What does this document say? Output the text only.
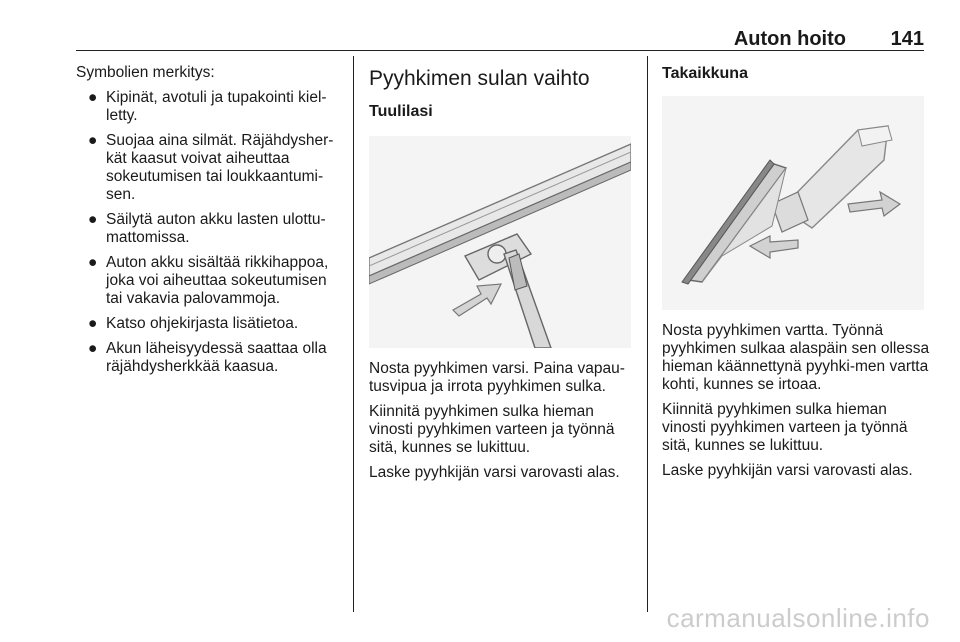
Auton hoito 141

Symbolien merkitys:

● Kipinät, avotuli ja tupakointi kiel-letty.
● Suojaa aina silmät. Räjähdysher-kät kaasut voivat aiheuttaa sokeutumisen tai loukkaantumi-sen.
● Säilytä auton akku lasten ulottu-mattomissa.
● Auton akku sisältää rikkihappoa, joka voi aiheuttaa sokeutumisen tai vakavia palovammoja.
● Katso ohjekirjasta lisätietoa.
● Akun läheisyydessä saattaa olla räjähdysherkkää kaasua.
Pyyhkimen sulan vaihto
Tuulilasi

Nosta pyyhkimen varsi. Paina vapau-tusvipua ja irrota pyyhkimen sulka.

Kiinnitä pyyhkimen sulka hieman vinosti pyyhkimen varteen ja työnnä sitä, kunnes se lukittuu.

Laske pyyhkijän varsi varovasti alas.

Takaikkuna

Nosta pyyhkimen vartta. Työnnä pyyhkimen sulkaa alaspäin sen ollessa hieman käännettynä pyyhki-men vartta kohti, kunnes se irtoaa.

Kiinnitä pyyhkimen sulka hieman vinosti pyyhkimen varteen ja työnnä sitä, kunnes se lukittuu.

Laske pyyhkijän varsi varovasti alas.

carmanualsonline.info
